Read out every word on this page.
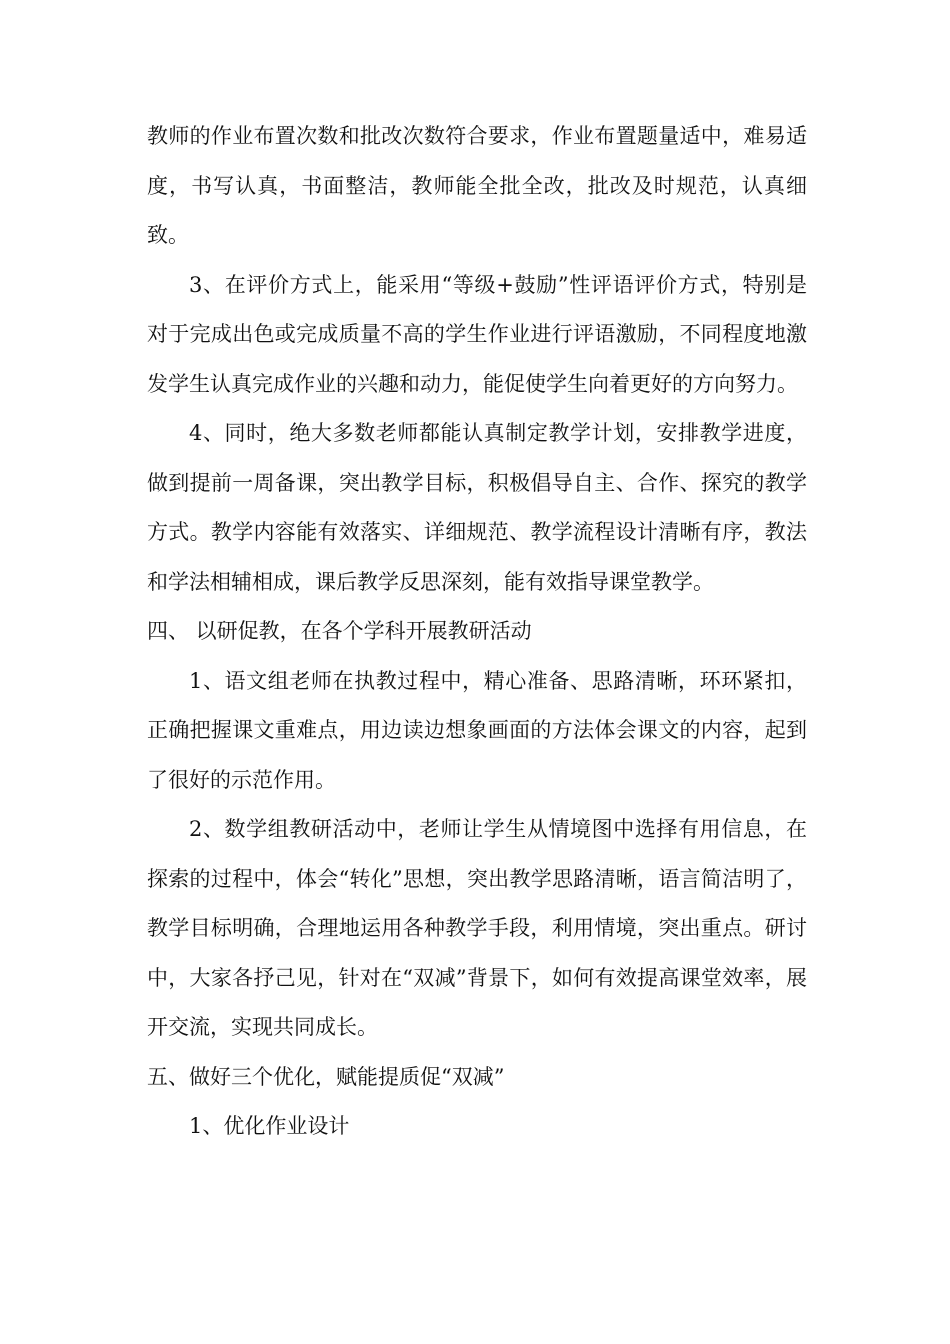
教师的作业布置次数和批改次数符合要求，作业布置题量适中，难易适度，书写认真，书面整洁，教师能全批全改，批改及时规范，认真细致。

3、在评价方式上，能采用“等级+鼓励”性评语评价方式，特别是对于完成出色或完成质量不高的学生作业进行评语激励，不同程度地激发学生认真完成作业的兴趣和动力，能促使学生向着更好的方向努力。

4、同时，绝大多数老师都能认真制定教学计划，安排教学进度，做到提前一周备课，突出教学目标，积极倡导自主、合作、探究的教学方式。教学内容能有效落实、详细规范、教学流程设计清晰有序，教法和学法相辅相成，课后教学反思深刻，能有效指导课堂教学。

四、 以研促教，在各个学科开展教研活动

1、语文组老师在执教过程中，精心准备、思路清晰，环环紧扣，正确把握课文重难点，用边读边想象画面的方法体会课文的内容，起到了很好的示范作用。

2、数学组教研活动中，老师让学生从情境图中选择有用信息，在探索的过程中，体会“转化”思想，突出教学思路清晰，语言简洁明了，教学目标明确，合理地运用各种教学手段，利用情境，突出重点。研讨中，大家各抒己见，针对在“双减”背景下，如何有效提高课堂效率，展开交流，实现共同成长。

五、做好三个优化，赋能提质促“双减”

1、优化作业设计
